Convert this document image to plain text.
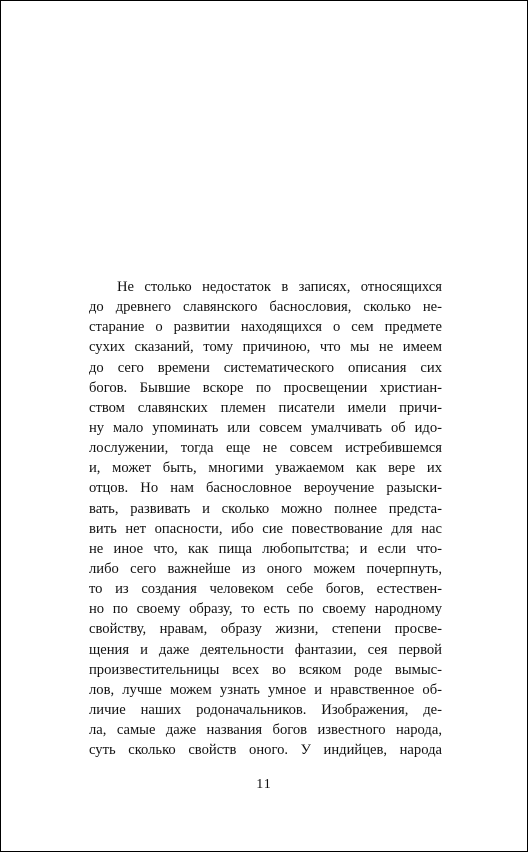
Не столько недостаток в записях, относящихся
до древнего славянского баснословия, сколько не-
старание о развитии находящихся о сем предмете
сухих сказаний, тому причиною, что мы не имеем
до сего времени систематического описания сих
богов. Бывшие вскоре по просвещении христиан-
ством славянских племен писатели имели причи-
ну мало упоминать или совсем умалчивать об идо-
лослужении, тогда еще не совсем истребившемся
и, может быть, многими уважаемом как вере их
отцов. Но нам баснословное вероучение разыски-
вать, развивать и сколько можно полнее предста-
вить нет опасности, ибо сие повествование для нас
не иное что, как пища любопытства; и если что-
либо сего важнейше из оного можем почерпнуть,
то из создания человеком себе богов, естествен-
но по своему образу, то есть по своему народному
свойству, нравам, образу жизни, степени просве-
щения и даже деятельности фантазии, сея первой
произвестительницы всех во всяком роде вымыс-
лов, лучше можем узнать умное и нравственное об-
личие наших родоначальников. Изображения, де-
ла, самые даже названия богов известного народа,
суть сколько свойств оного. У индийцев, народа
11
